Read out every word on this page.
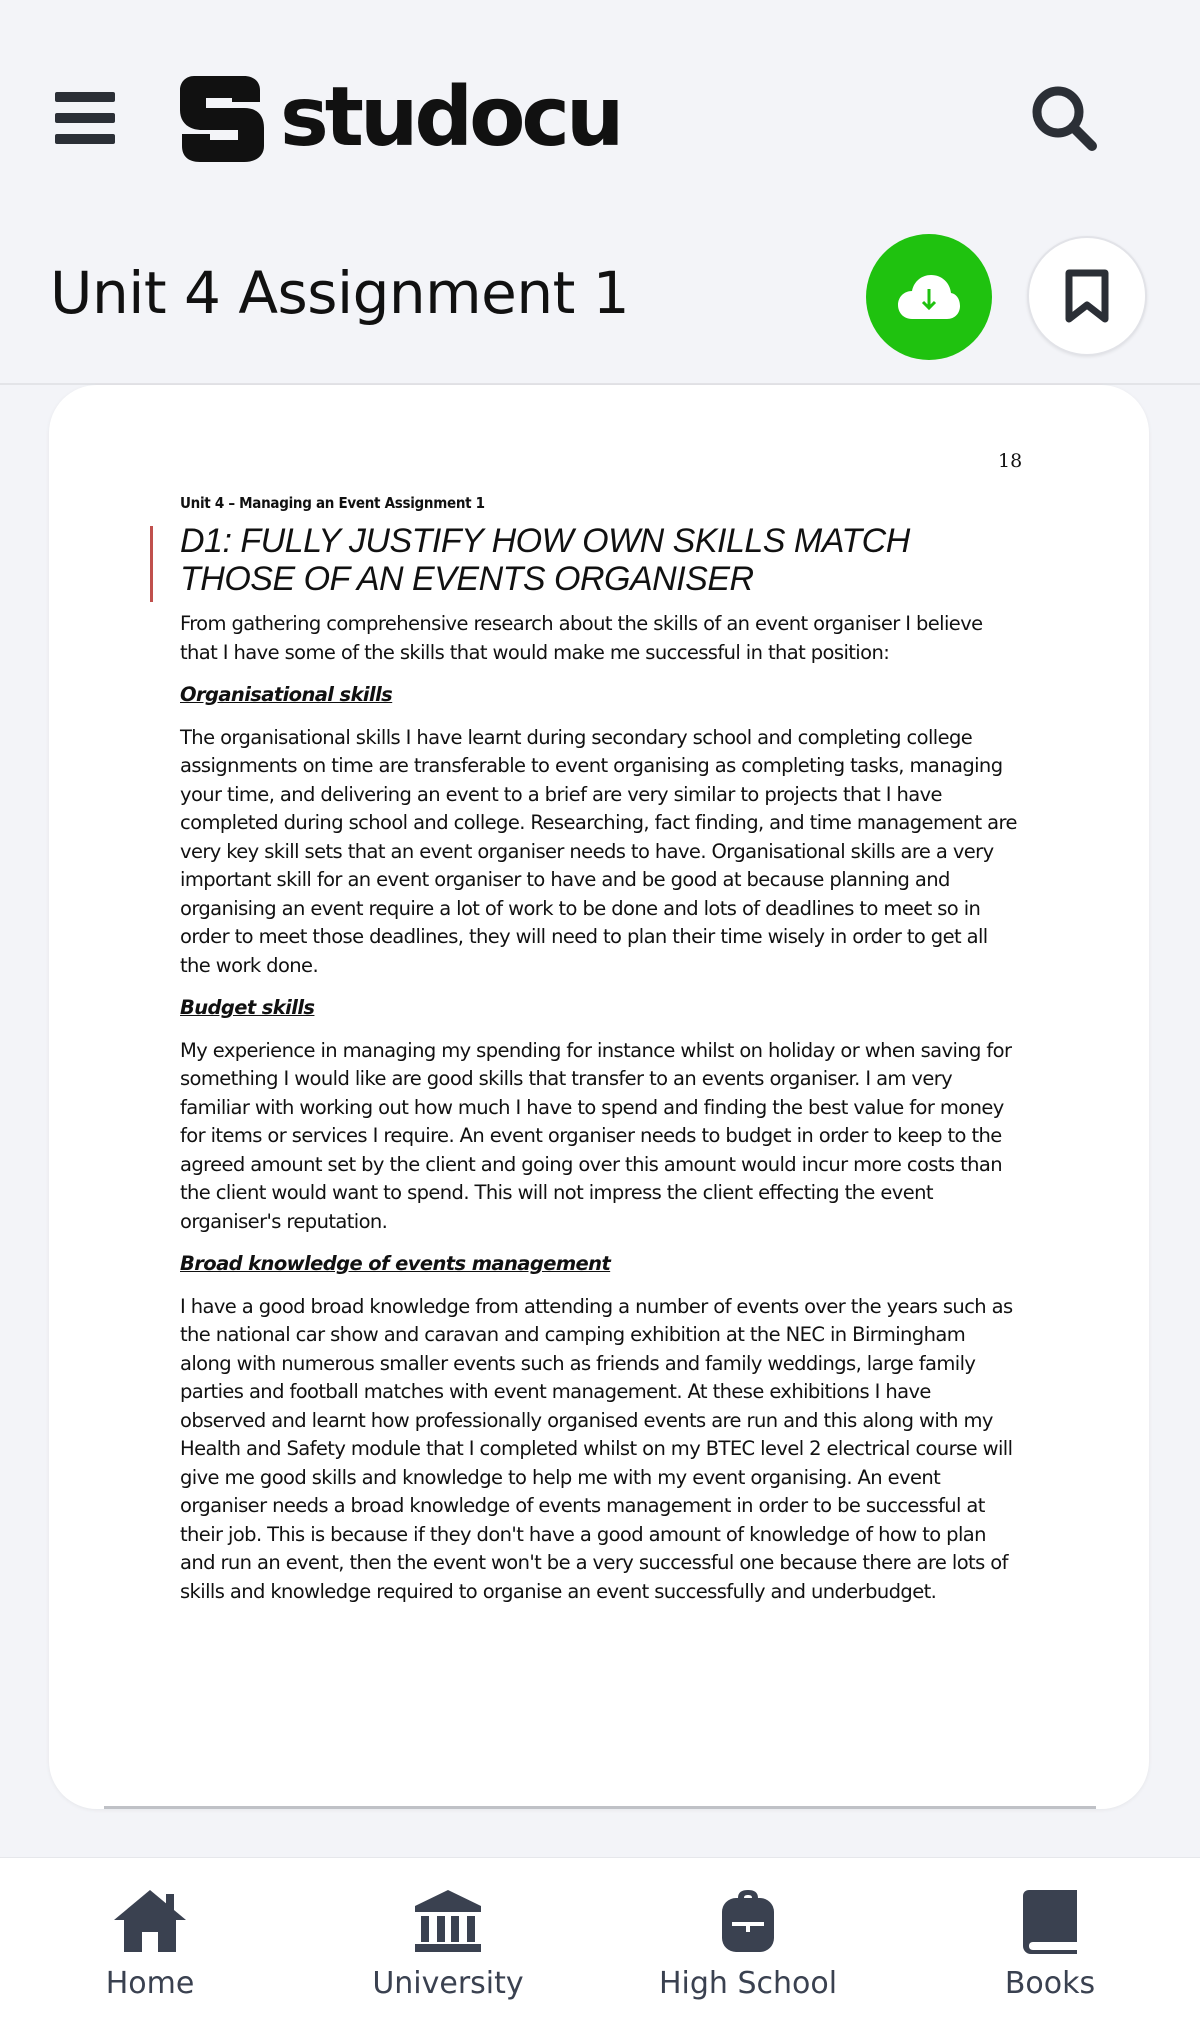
studocu
Unit 4 Assignment 1
18
Unit 4 – Managing an Event Assignment 1
D1: FULLY JUSTIFY HOW OWN SKILLS MATCH
THOSE OF AN EVENTS ORGANISER

From gathering comprehensive research about the skills of an event organiser I believe that I have some of the skills that would make me successful in that position:

Organisational skills

The organisational skills I have learnt during secondary school and completing college assignments on time are transferable to event organising as completing tasks, managing your time, and delivering an event to a brief are very similar to projects that I have completed during school and college. Researching, fact finding, and time management are very key skill sets that an event organiser needs to have. Organisational skills are a very important skill for an event organiser to have and be good at because planning and organising an event require a lot of work to be done and lots of deadlines to meet so in order to meet those deadlines, they will need to plan their time wisely in order to get all the work done.

Budget skills

My experience in managing my spending for instance whilst on holiday or when saving for something I would like are good skills that transfer to an events organiser. I am very familiar with working out how much I have to spend and finding the best value for money for items or services I require. An event organiser needs to budget in order to keep to the agreed amount set by the client and going over this amount would incur more costs than the client would want to spend. This will not impress the client effecting the event organiser's reputation.

Broad knowledge of events management

I have a good broad knowledge from attending a number of events over the years such as the national car show and caravan and camping exhibition at the NEC in Birmingham along with numerous smaller events such as friends and family weddings, large family parties and football matches with event management. At these exhibitions I have observed and learnt how professionally organised events are run and this along with my Health and Safety module that I completed whilst on my BTEC level 2 electrical course will give me good skills and knowledge to help me with my event organising. An event organiser needs a broad knowledge of events management in order to be successful at their job. This is because if they don't have a good amount of knowledge of how to plan and run an event, then the event won't be a very successful one because there are lots of skills and knowledge required to organise an event successfully and underbudget.

Home	University	High School	Books
